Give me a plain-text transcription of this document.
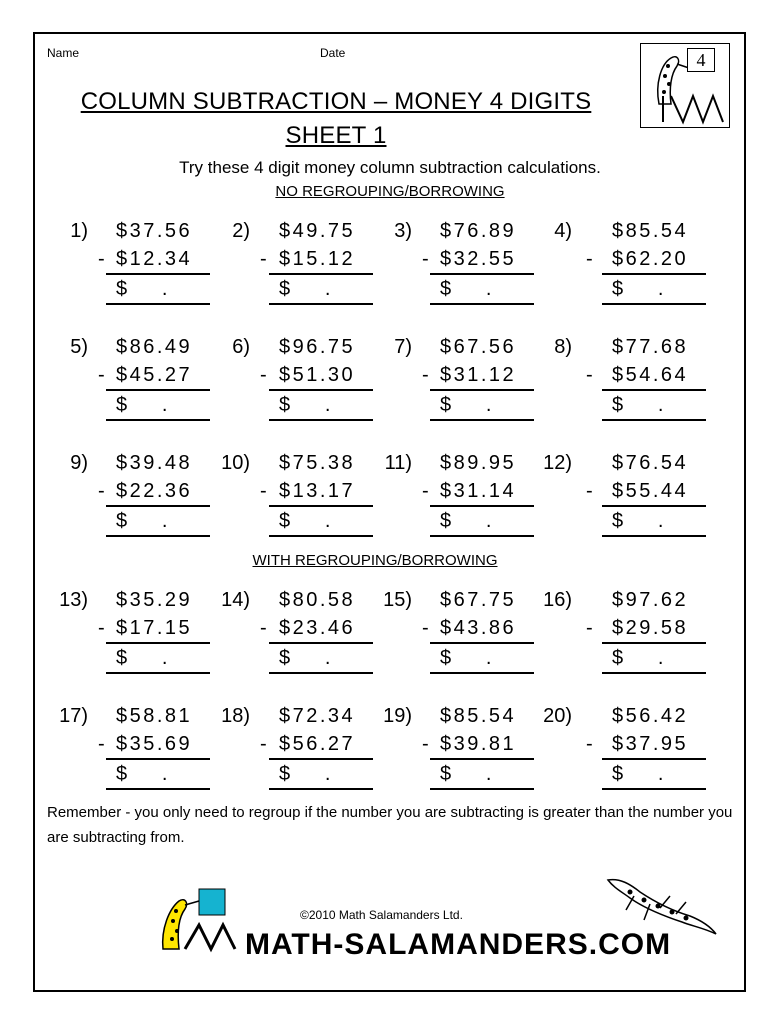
Name	Date	4
COLUMN SUBTRACTION – MONEY 4 DIGITS
SHEET 1
Try these 4 digit money column subtraction calculations.
NO REGROUPING/BORROWING
WITH REGROUPING/BORROWING
1) $37.56
- $12.34
$    .
2) $49.75
- $15.12
$    .
3) $76.89
- $32.55
$    .
4) $85.54
- $62.20
$    .
5) $86.49
- $45.27
$    .
6) $96.75
- $51.30
$    .
7) $67.56
- $31.12
$    .
8) $77.68
- $54.64
$    .
9) $39.48
- $22.36
$    .
10) $75.38
- $13.17
$    .
11) $89.95
- $31.14
$    .
12) $76.54
- $55.44
$    .
13) $35.29
- $17.15
$    .
14) $80.58
- $23.46
$    .
15) $67.75
- $43.86
$    .
16) $97.62
- $29.58
$    .
17) $58.81
- $35.69
$    .
18) $72.34
- $56.27
$    .
19) $85.54
- $39.81
$    .
20) $56.42
- $37.95
$    .
Remember - you only need to regroup if the number you are subtracting is greater than the number you are subtracting from.
©2010 Math Salamanders Ltd.
MATH-SALAMANDERS.COM
